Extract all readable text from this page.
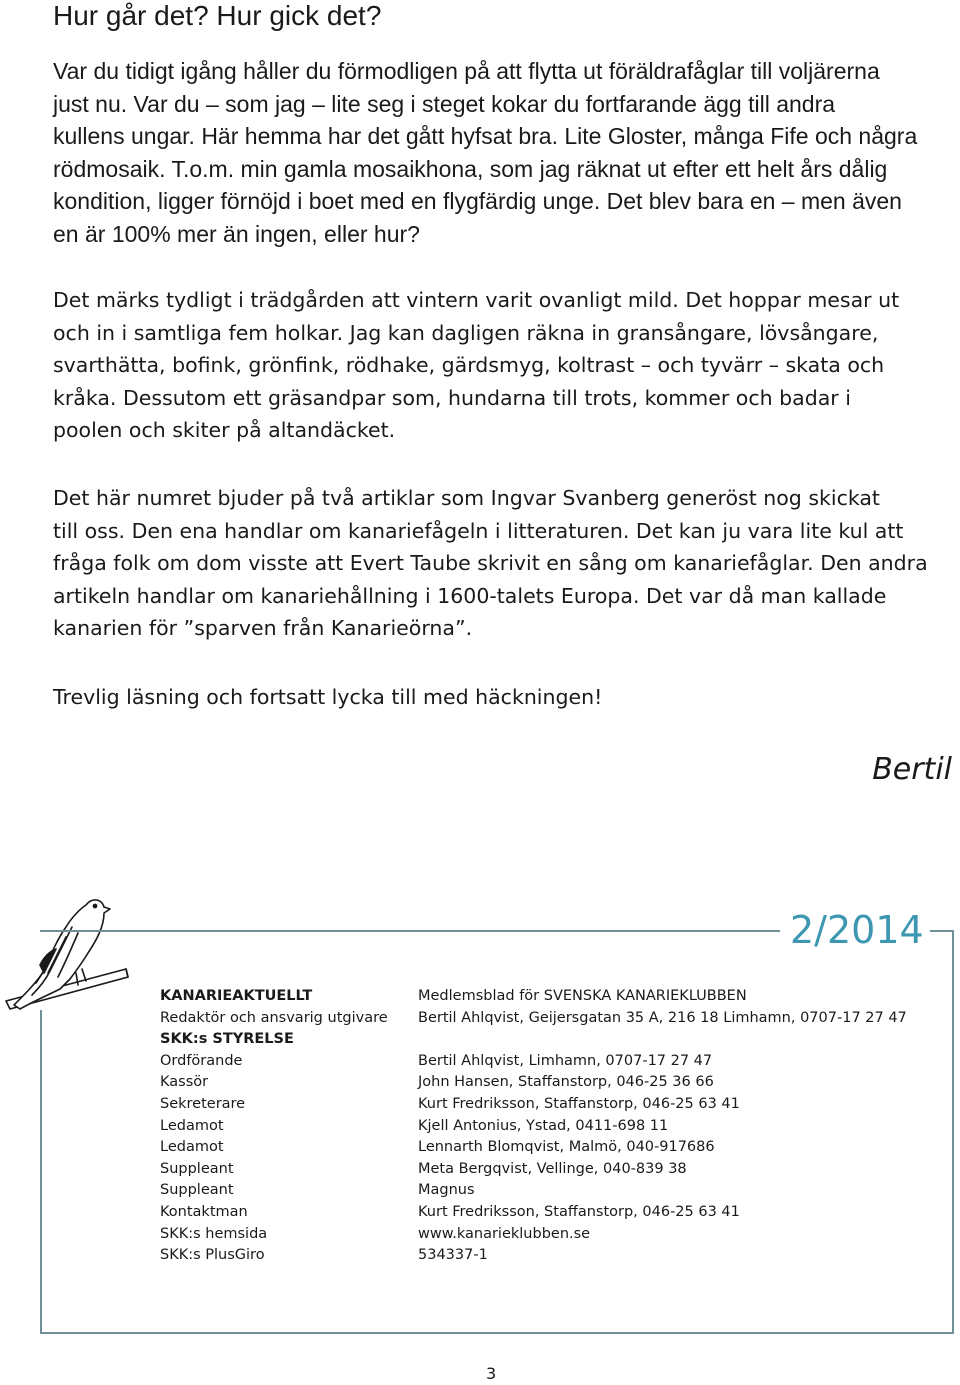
Hur går det? Hur gick det?
Var du tidigt igång håller du förmodligen på att flytta ut föräldrafåglar till voljärerna
just nu. Var du – som jag – lite seg i steget kokar du fortfarande ägg till andra
kullens ungar. Här hemma har det gått hyfsat bra. Lite Gloster, många Fife och några
rödmosaik. T.o.m. min gamla mosaikhona, som jag räknat ut efter ett helt års dålig
kondition, ligger förnöjd i boet med en flygfärdig unge. Det blev bara en – men även
en är 100% mer än ingen, eller hur?
Det märks tydligt i trädgården att vintern varit ovanligt mild. Det hoppar mesar ut
och in i samtliga fem holkar. Jag kan dagligen räkna in gransångare, lövsångare,
svarthätta, bofink, grönfink, rödhake, gärdsmyg, koltrast – och tyvärr – skata och
kråka. Dessutom ett gräsandpar som, hundarna till trots, kommer och badar i
poolen och skiter på altandäcket.
Det här numret bjuder på två artiklar som Ingvar Svanberg generöst nog skickat
till oss. Den ena handlar om kanariefågeln i litteraturen. Det kan ju vara lite kul att
fråga folk om dom visste att Evert Taube skrivit en sång om kanariefåglar. Den andra
artikeln handlar om kanariehållning i 1600-talets Europa. Det var då man kallade
kanarien för ”sparven från Kanarieörna”.
Trevlig läsning och fortsatt lycka till med häckningen!
Bertil
2/2014
KANARIEAKTUELLT	Medlemsblad för SVENSKA KANARIEKLUBBEN
Redaktör och ansvarig utgivare	Bertil Ahlqvist, Geijersgatan 35 A, 216 18 Limhamn, 0707-17 27 47
SKK:s STYRELSE
Ordförande	Bertil Ahlqvist, Limhamn, 0707-17 27 47
Kassör	John Hansen, Staffanstorp, 046-25 36 66
Sekreterare	Kurt Fredriksson, Staffanstorp, 046-25 63 41
Ledamot	Kjell Antonius, Ystad, 0411-698 11
Ledamot	Lennarth Blomqvist, Malmö, 040-917686
Suppleant	Meta Bergqvist, Vellinge, 040-839 38
Suppleant	Magnus
Kontaktman	Kurt Fredriksson, Staffanstorp, 046-25 63 41
SKK:s hemsida	www.kanarieklubben.se
SKK:s PlusGiro	534337-1
3
